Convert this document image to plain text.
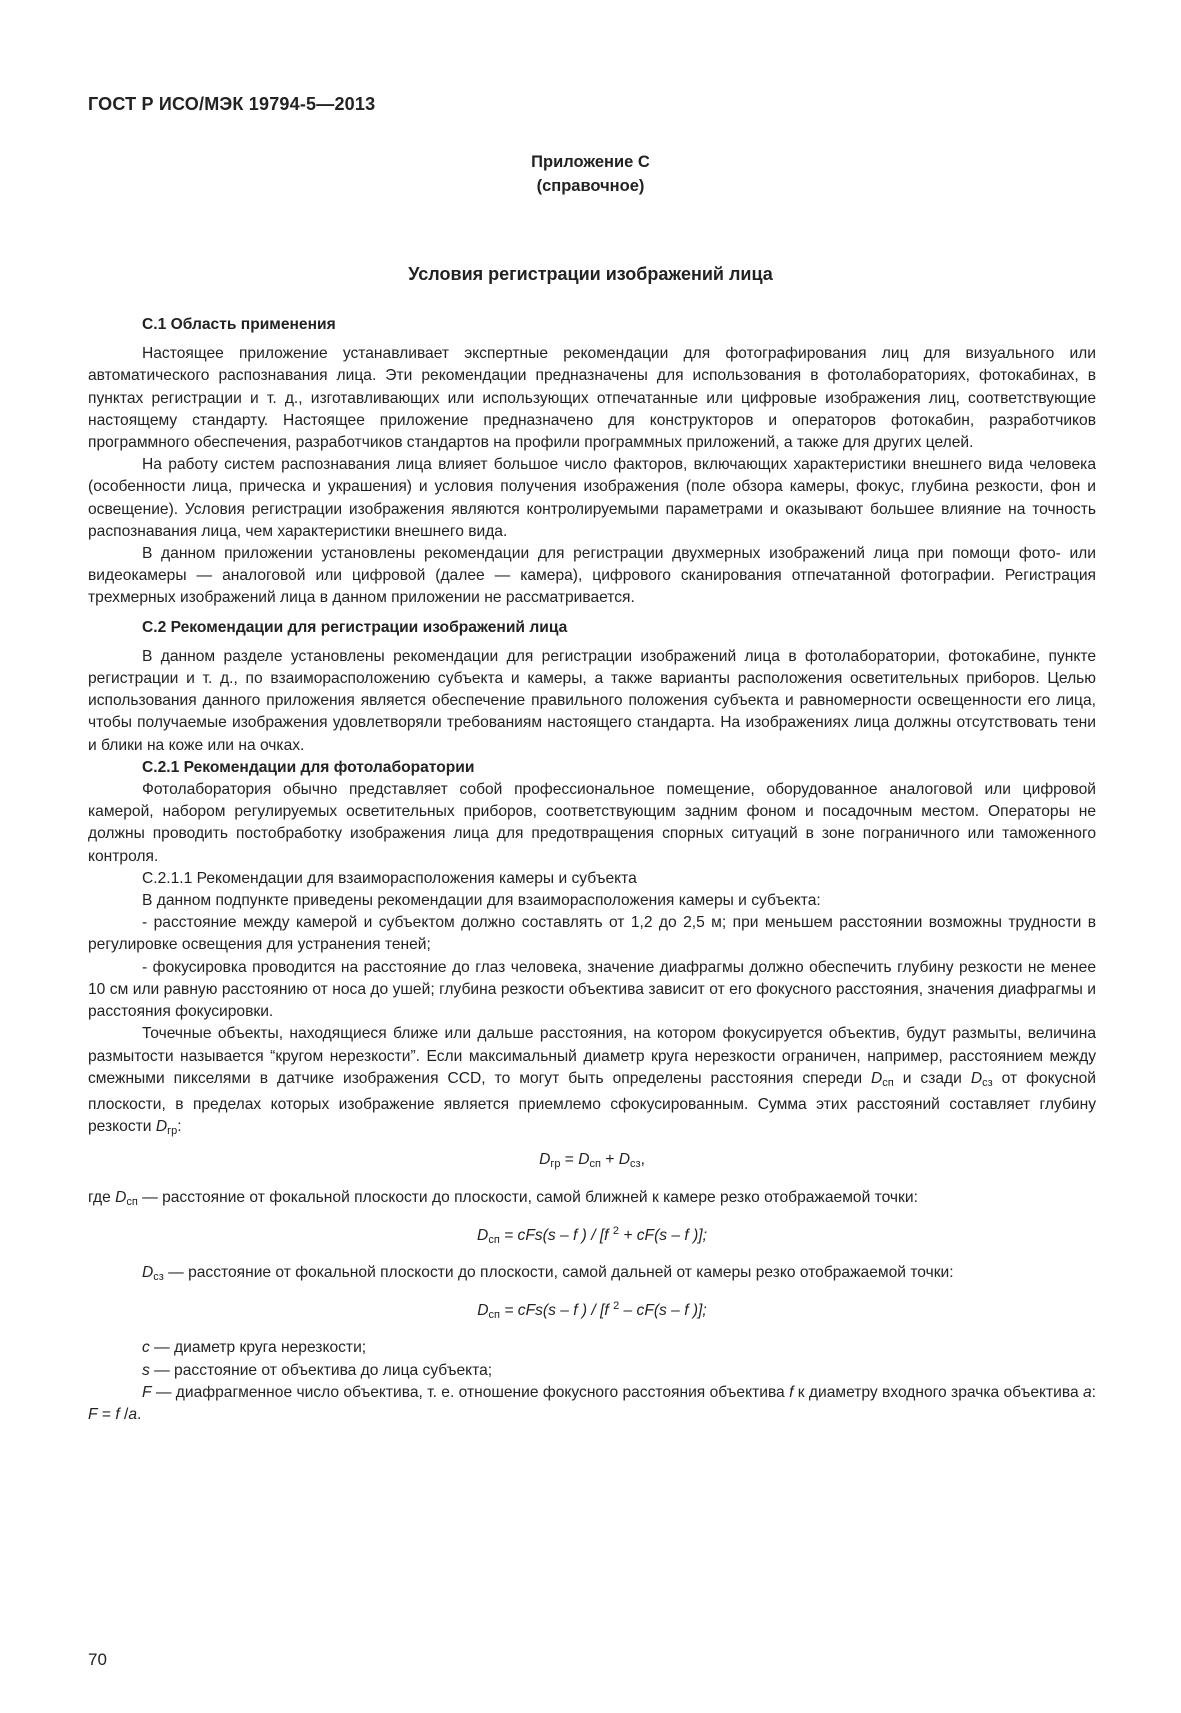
ГОСТ Р ИСО/МЭК 19794-5—2013
Приложение С
(справочное)
Условия регистрации изображений лица

С.1 Область применения

Настоящее приложение устанавливает экспертные рекомендации для фотографирования лиц для визуального или автоматического распознавания лица. Эти рекомендации предназначены для использования в фотолабораториях, фотокабинах, в пунктах регистрации и т. д., изготавливающих или использующих отпечатанные или цифровые изображения лиц, соответствующие настоящему стандарту. Настоящее приложение предназначено для конструкторов и операторов фотокабин, разработчиков программного обеспечения, разработчиков стандартов на профили программных приложений, а также для других целей.

На работу систем распознавания лица влияет большое число факторов, включающих характеристики внешнего вида человека (особенности лица, прическа и украшения) и условия получения изображения (поле обзора камеры, фокус, глубина резкости, фон и освещение). Условия регистрации изображения являются контролируемыми параметрами и оказывают большее влияние на точность распознавания лица, чем характеристики внешнего вида.

В данном приложении установлены рекомендации для регистрации двухмерных изображений лица при помощи фото- или видеокамеры — аналоговой или цифровой (далее — камера), цифрового сканирования отпечатанной фотографии. Регистрация трехмерных изображений лица в данном приложении не рассматривается.

С.2 Рекомендации для регистрации изображений лица

В данном разделе установлены рекомендации для регистрации изображений лица в фотолаборатории, фотокабине, пункте регистрации и т. д., по взаиморасположению субъекта и камеры, а также варианты расположения осветительных приборов. Целью использования данного приложения является обеспечение правильного положения субъекта и равномерности освещенности его лица, чтобы получаемые изображения удовлетворяли требованиям настоящего стандарта. На изображениях лица должны отсутствовать тени и блики на коже или на очках.

С.2.1 Рекомендации для фотолаборатории

Фотолаборатория обычно представляет собой профессиональное помещение, оборудованное аналоговой или цифровой камерой, набором регулируемых осветительных приборов, соответствующим задним фоном и посадочным местом. Операторы не должны проводить постобработку изображения лица для предотвращения спорных ситуаций в зоне пограничного или таможенного контроля.

С.2.1.1 Рекомендации для взаиморасположения камеры и субъекта

В данном подпункте приведены рекомендации для взаиморасположения камеры и субъекта:

- расстояние между камерой и субъектом должно составлять от 1,2 до 2,5 м; при меньшем расстоянии возможны трудности в регулировке освещения для устранения теней;

- фокусировка проводится на расстояние до глаз человека, значение диафрагмы должно обеспечить глубину резкости не менее 10 см или равную расстоянию от носа до ушей; глубина резкости объектива зависит от его фокусного расстояния, значения диафрагмы и расстояния фокусировки.

Точечные объекты, находящиеся ближе или дальше расстояния, на котором фокусируется объектив, будут размыты, величина размытости называется “кругом нерезкости”. Если максимальный диаметр круга нерезкости ограничен, например, расстоянием между смежными пикселями в датчике изображения CCD, то могут быть определены расстояния спереди $D_{сп}$ и сзади $D_{сз}$ от фокусной плоскости, в пределах которых изображение является приемлемо сфокусированным. Сумма этих расстояний составляет глубину резкости $D_{гр}$:

$D_{гр} = D_{сп} + D_{сз}$,

где $D_{сп}$ — расстояние от фокальной плоскости до плоскости, самой ближней к камере резко отображаемой точки:

$D_{сп} = cFs(s - f$ ) / [f $^2$ + cF(s – f )];

$D_{сз}$ — расстояние от фокальной плоскости до плоскости, самой дальней от камеры резко отображаемой точки:

$D_{сп} = cFs(s - f$ ) / [f $^2$ – cF(s – f )];

c — диаметр круга нерезкости;

s — расстояние от объектива до лица субъекта;

F — диафрагменное число объектива, т. е. отношение фокусного расстояния объектива f к диаметру входного зрачка объектива a: F = f /a.

70
